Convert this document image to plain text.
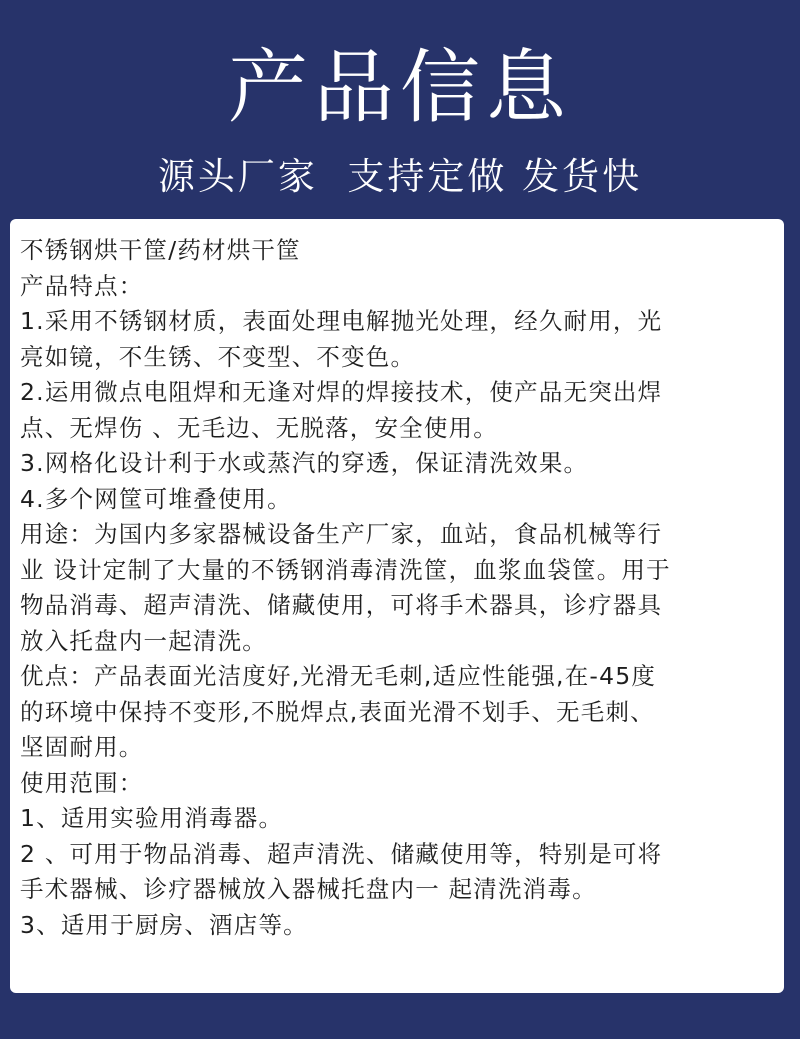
产品信息
源头厂家  支持定做 发货快
不锈钢烘干筐/药材烘干筐
产品特点：
1.采用不锈钢材质，表面处理电解抛光处理，经久耐用，光
亮如镜，不生锈、不变型、不变色。
2.运用微点电阻焊和无逢对焊的焊接技术，使产品无突出焊
点、无焊伤 、无毛边、无脱落，安全使用。
3.网格化设计利于水或蒸汽的穿透，保证清洗效果。
4.多个网筐可堆叠使用。
用途：为国内多家器械设备生产厂家，血站，食品机械等行
业 设计定制了大量的不锈钢消毒清洗筐，血浆血袋筐。用于
物品消毒、超声清洗、储藏使用，可将手术器具，诊疗器具
放入托盘内一起清洗。
优点：产品表面光洁度好,光滑无毛刺,适应性能强,在-45度
的环境中保持不变形,不脱焊点,表面光滑不划手、无毛刺、
坚固耐用。
使用范围：
1、适用实验用消毒器。
2 、可用于物品消毒、超声清洗、储藏使用等，特别是可将
手术器械、诊疗器械放入器械托盘内一 起清洗消毒。
3、适用于厨房、酒店等。
